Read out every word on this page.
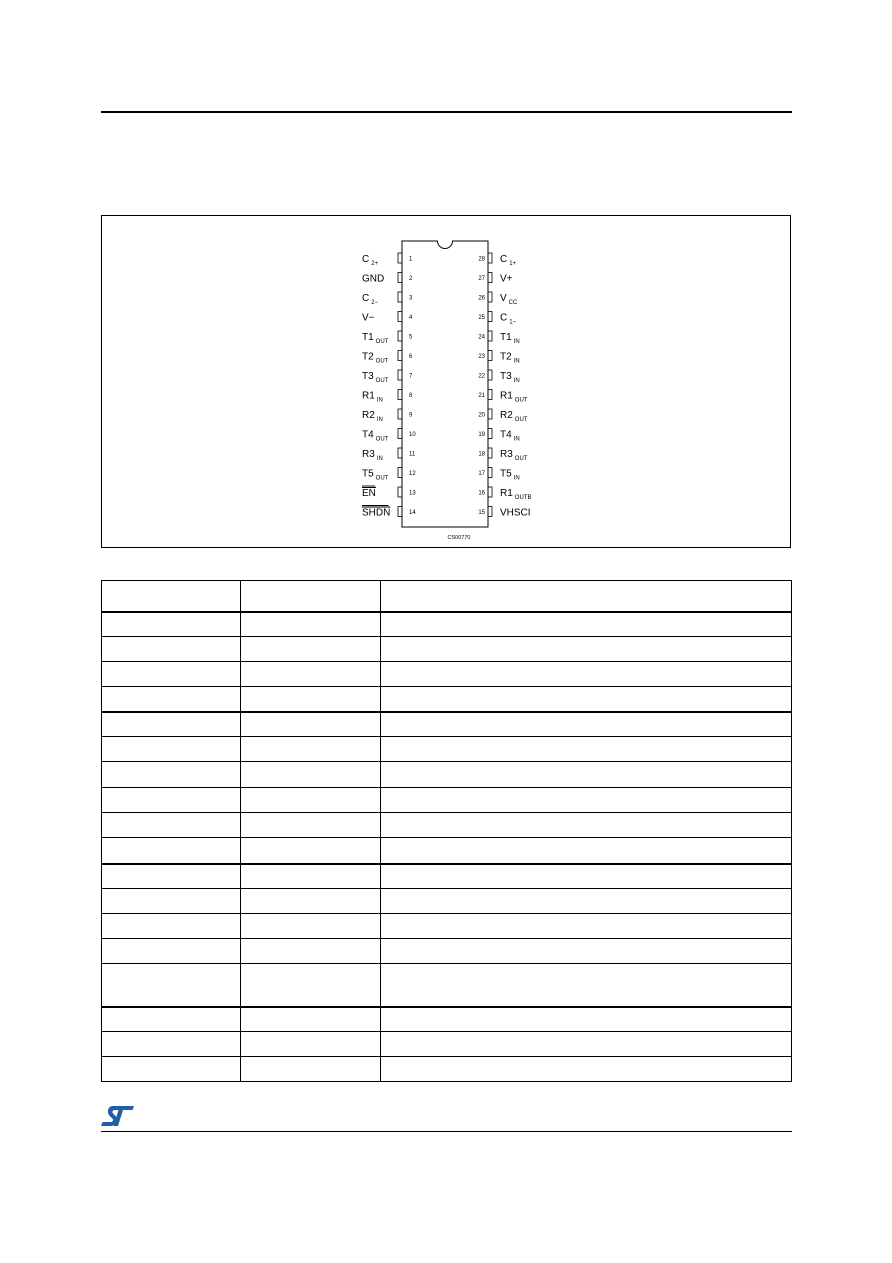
1
C $_{2+}$
2
GND
3
C $_{2-}$
4
V−
5
T1 $_{OUT}$
6
T2 $_{OUT}$
7
T3 $_{OUT}$
8
R1 $_{IN}$
9
R2 $_{IN}$
10
T4 $_{OUT}$
11
R3 $_{IN}$
12
T5 $_{OUT}$
13
EN
14
SHDN
28 C $_{1+}$
27 V+
26 V $_{CC}$
25 C $_{1-}$
24 T1 $_{IN}$
23 T2 $_{IN}$
22 T3 $_{IN}$
21 R1 $_{OUT}$
20 R2 $_{OUT}$
19 T4 $_{IN}$
18 R3 $_{OUT}$
17 T5 $_{IN}$
16 R1 $_{OUTB}$
15 VHSCI
CS00770
